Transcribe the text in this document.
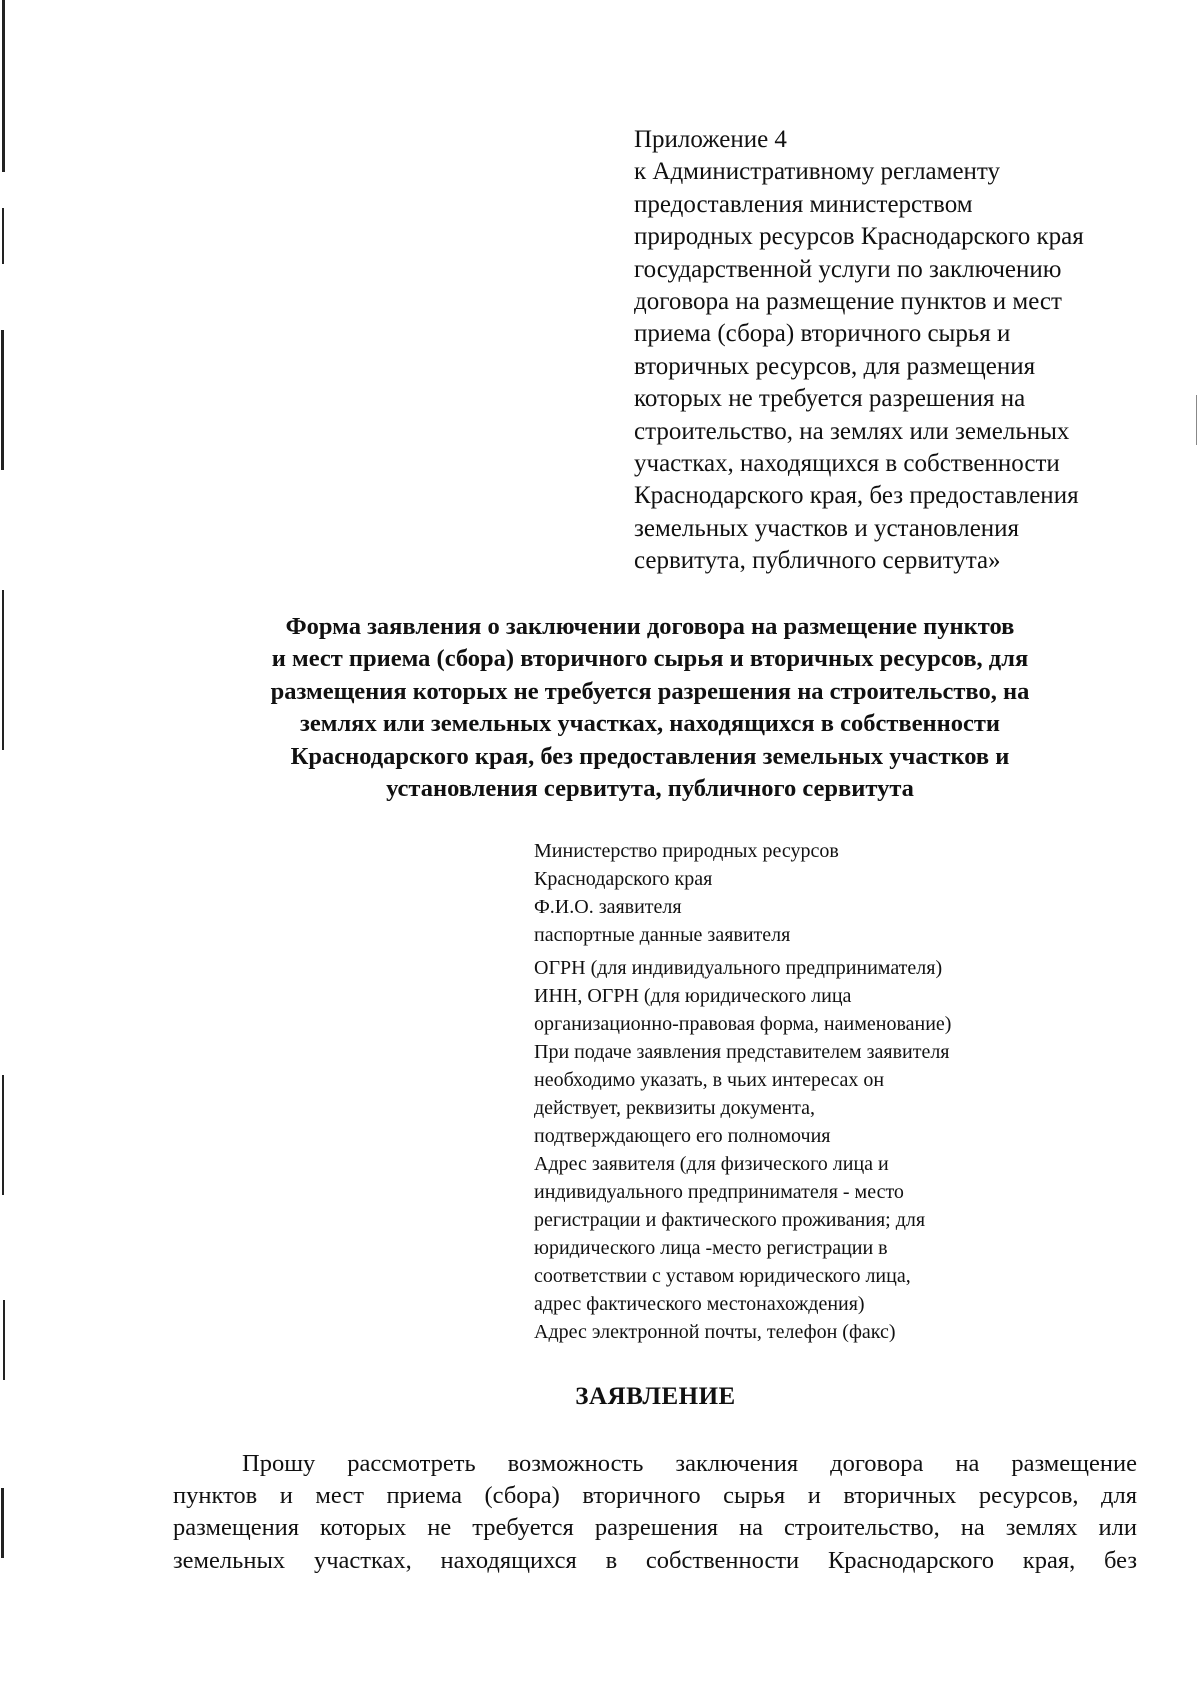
Приложение 4
к Административному регламенту
предоставления министерством
природных ресурсов Краснодарского края
государственной услуги по заключению
договора на размещение пунктов и мест
приема (сбора) вторичного сырья и
вторичных ресурсов, для размещения
которых не требуется разрешения на
строительство, на землях или земельных
участках, находящихся в собственности
Краснодарского края, без предоставления
земельных участков и установления
сервитута, публичного сервитута»
Форма заявления о заключении договора на размещение пунктов
и мест приема (сбора) вторичного сырья и вторичных ресурсов, для
размещения которых не требуется разрешения на строительство, на
землях или земельных участках, находящихся в собственности
Краснодарского края, без предоставления земельных участков и
установления сервитута, публичного сервитута
Министерство природных ресурсов
Краснодарского края
Ф.И.О. заявителя
паспортные данные заявителя
ОГРН (для индивидуального предпринимателя)
ИНН, ОГРН (для юридического лица
организационно-правовая форма, наименование)
При подаче заявления представителем заявителя
необходимо указать, в чьих интересах он
действует, реквизиты документа,
подтверждающего его полномочия
Адрес заявителя (для физического лица и
индивидуального предпринимателя - место
регистрации и фактического проживания; для
юридического лица -место регистрации в
соответствии с уставом юридического лица,
адрес фактического местонахождения)
Адрес электронной почты, телефон (факс)
ЗАЯВЛЕНИЕ
Прошу рассмотреть возможность заключения договора на размещение
пунктов и мест приема (сбора) вторичного сырья и вторичных ресурсов, для
размещения которых не требуется разрешения на строительство, на землях или
земельных участках, находящихся в собственности Краснодарского края, без
